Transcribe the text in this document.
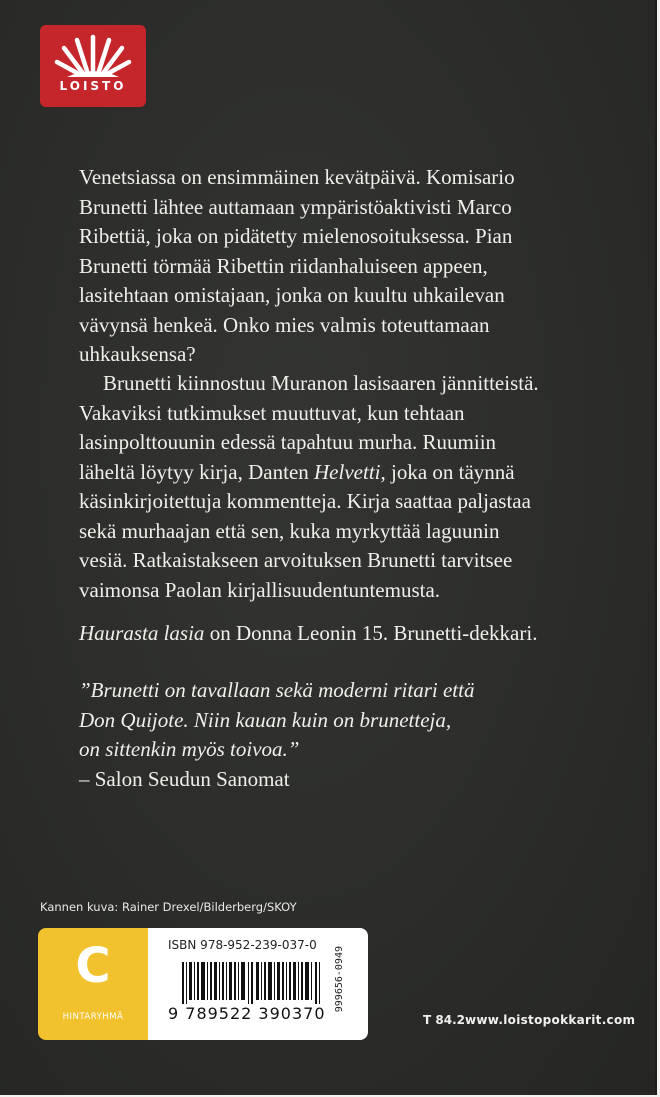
LOISTO
Venetsiassa on ensimmäinen kevätpäivä. Komisario
Brunetti lähtee auttamaan ympäristöaktivisti Marco
Ribettiä, joka on pidätetty mielenosoituksessa. Pian
Brunetti törmää Ribettin riidanhaluiseen appeen,
lasitehtaan omistajaan, jonka on kuultu uhkailevan
vävynsä henkeä. Onko mies valmis toteuttamaan
uhkauksensa?
Brunetti kiinnostuu Muranon lasisaaren jännitteistä.
Vakaviksi tutkimukset muuttuvat, kun tehtaan
lasinpolttouunin edessä tapahtuu murha. Ruumiin
läheltä löytyy kirja, Danten Helvetti, joka on täynnä
käsinkirjoitettuja kommentteja. Kirja saattaa paljastaa
sekä murhaajan että sen, kuka myrkyttää laguunin
vesiä. Ratkaistakseen arvoituksen Brunetti tarvitsee
vaimonsa Paolan kirjallisuudentuntemusta.
Haurasta lasia on Donna Leonin 15. Brunetti-dekkari.
”Brunetti on tavallaan sekä moderni ritari että
Don Quijote. Niin kauan kuin on brunetteja,
on sittenkin myös toivoa.”
– Salon Seudun Sanomat
Kannen kuva: Rainer Drexel/Bilderberg/SKOY
C
HINTARYHMÄ
ISBN 978-952-239-037-0
9 789522 390370
999656-0949
T 84.2 www.loistopokkarit.com
